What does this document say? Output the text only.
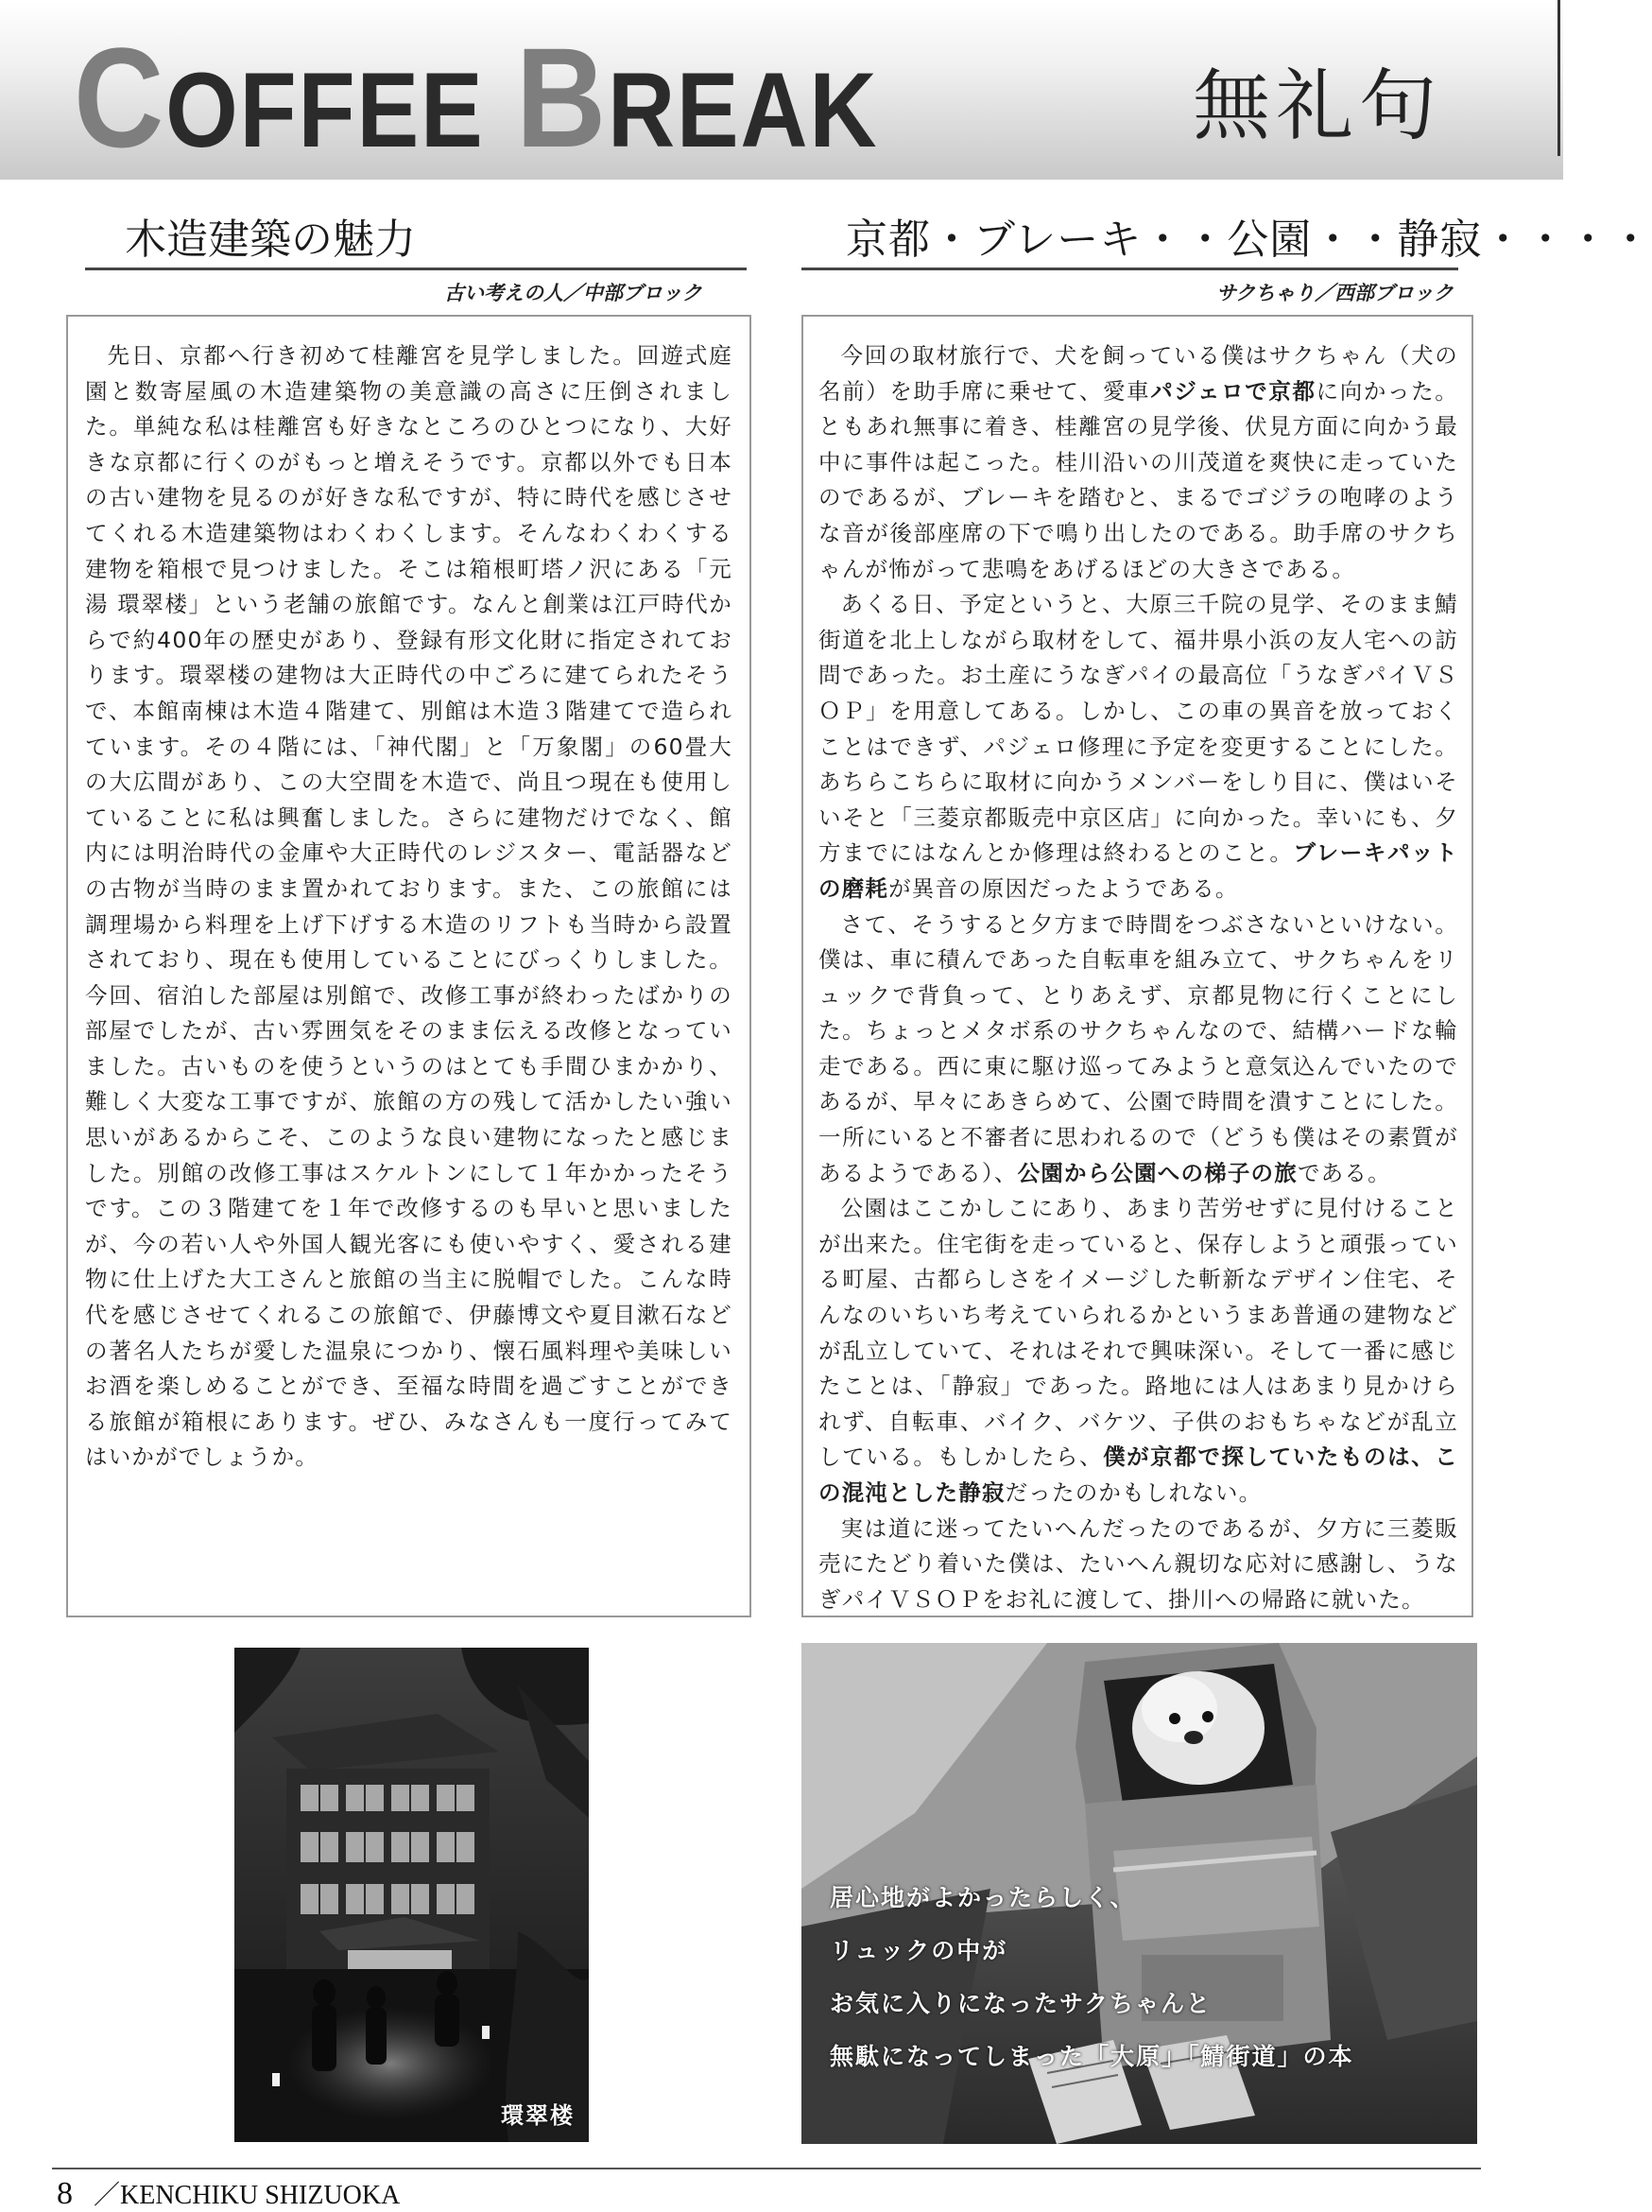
COFFEE BREAK	無礼句
木造建築の魅力
古い考えの人／中部ブロック
京都・ブレーキ・・公園・・静寂・・・・
サクちゃり／西部ブロック

先日、京都へ行き初めて桂離宮を見学しました。回遊式庭園と数寄屋風の木造建築物の美意識の高さに圧倒されました。単純な私は桂離宮も好きなところのひとつになり、大好きな京都に行くのがもっと増えそうです。京都以外でも日本の古い建物を見るのが好きな私ですが、特に時代を感じさせてくれる木造建築物はわくわくします。そんなわくわくする建物を箱根で見つけました。そこは箱根町塔ノ沢にある「元湯 環翠楼」という老舗の旅館です。なんと創業は江戸時代からで約400年の歴史があり、登録有形文化財に指定されております。環翠楼の建物は大正時代の中ごろに建てられたそうで、本館南棟は木造４階建て、別館は木造３階建てで造られています。その４階には、「神代閣」と「万象閣」の60畳大の大広間があり、この大空間を木造で、尚且つ現在も使用していることに私は興奮しました。さらに建物だけでなく、館内には明治時代の金庫や大正時代のレジスター、電話器などの古物が当時のまま置かれております。また、この旅館には調理場から料理を上げ下げする木造のリフトも当時から設置されており、現在も使用していることにびっくりしました。今回、宿泊した部屋は別館で、改修工事が終わったばかりの部屋でしたが、古い雰囲気をそのまま伝える改修となっていました。古いものを使うというのはとても手間ひまかかり、難しく大変な工事ですが、旅館の方の残して活かしたい強い思いがあるからこそ、このような良い建物になったと感じました。別館の改修工事はスケルトンにして１年かかったそうです。この３階建てを１年で改修するのも早いと思いましたが、今の若い人や外国人観光客にも使いやすく、愛される建物に仕上げた大工さんと旅館の当主に脱帽でした。こんな時代を感じさせてくれるこの旅館で、伊藤博文や夏目漱石などの著名人たちが愛した温泉につかり、懐石風料理や美味しいお酒を楽しめることができ、至福な時間を過ごすことができる旅館が箱根にあります。ぜひ、みなさんも一度行ってみてはいかがでしょうか。

今回の取材旅行で、犬を飼っている僕はサクちゃん（犬の名前）を助手席に乗せて、愛車パジェロで京都に向かった。ともあれ無事に着き、桂離宮の見学後、伏見方面に向かう最中に事件は起こった。桂川沿いの川茂道を爽快に走っていたのであるが、ブレーキを踏むと、まるでゴジラの咆哮のような音が後部座席の下で鳴り出したのである。助手席のサクちゃんが怖がって悲鳴をあげるほどの大きさである。
あくる日、予定というと、大原三千院の見学、そのまま鯖街道を北上しながら取材をして、福井県小浜の友人宅への訪問であった。お土産にうなぎパイの最高位「うなぎパイＶＳＯＰ」を用意してある。しかし、この車の異音を放っておくことはできず、パジェロ修理に予定を変更することにした。あちらこちらに取材に向かうメンバーをしり目に、僕はいそいそと「三菱京都販売中京区店」に向かった。幸いにも、夕方までにはなんとか修理は終わるとのこと。ブレーキパットの磨耗が異音の原因だったようである。
さて、そうすると夕方まで時間をつぶさないといけない。僕は、車に積んであった自転車を組み立て、サクちゃんをリュックで背負って、とりあえず、京都見物に行くことにした。ちょっとメタボ系のサクちゃんなので、結構ハードな輪走である。西に東に駆け巡ってみようと意気込んでいたのであるが、早々にあきらめて、公園で時間を潰すことにした。一所にいると不審者に思われるので（どうも僕はその素質があるようである）、公園から公園への梯子の旅である。
公園はここかしこにあり、あまり苦労せずに見付けることが出来た。住宅街を走っていると、保存しようと頑張っている町屋、古都らしさをイメージした斬新なデザイン住宅、そんなのいちいち考えていられるかというまあ普通の建物などが乱立していて、それはそれで興味深い。そして一番に感じたことは、「静寂」であった。路地には人はあまり見かけられず、自転車、バイク、バケツ、子供のおもちゃなどが乱立している。もしかしたら、僕が京都で探していたものは、この混沌とした静寂だったのかもしれない。
実は道に迷ってたいへんだったのであるが、夕方に三菱販売にたどり着いた僕は、たいへん親切な応対に感謝し、うなぎパイＶＳＯＰをお礼に渡して、掛川への帰路に就いた。
環翠楼
居心地がよかったらしく、
リュックの中が
お気に入りになったサクちゃんと
無駄になってしまった「大原」「鯖街道」の本
8 ／KENCHIKU SHIZUOKA
